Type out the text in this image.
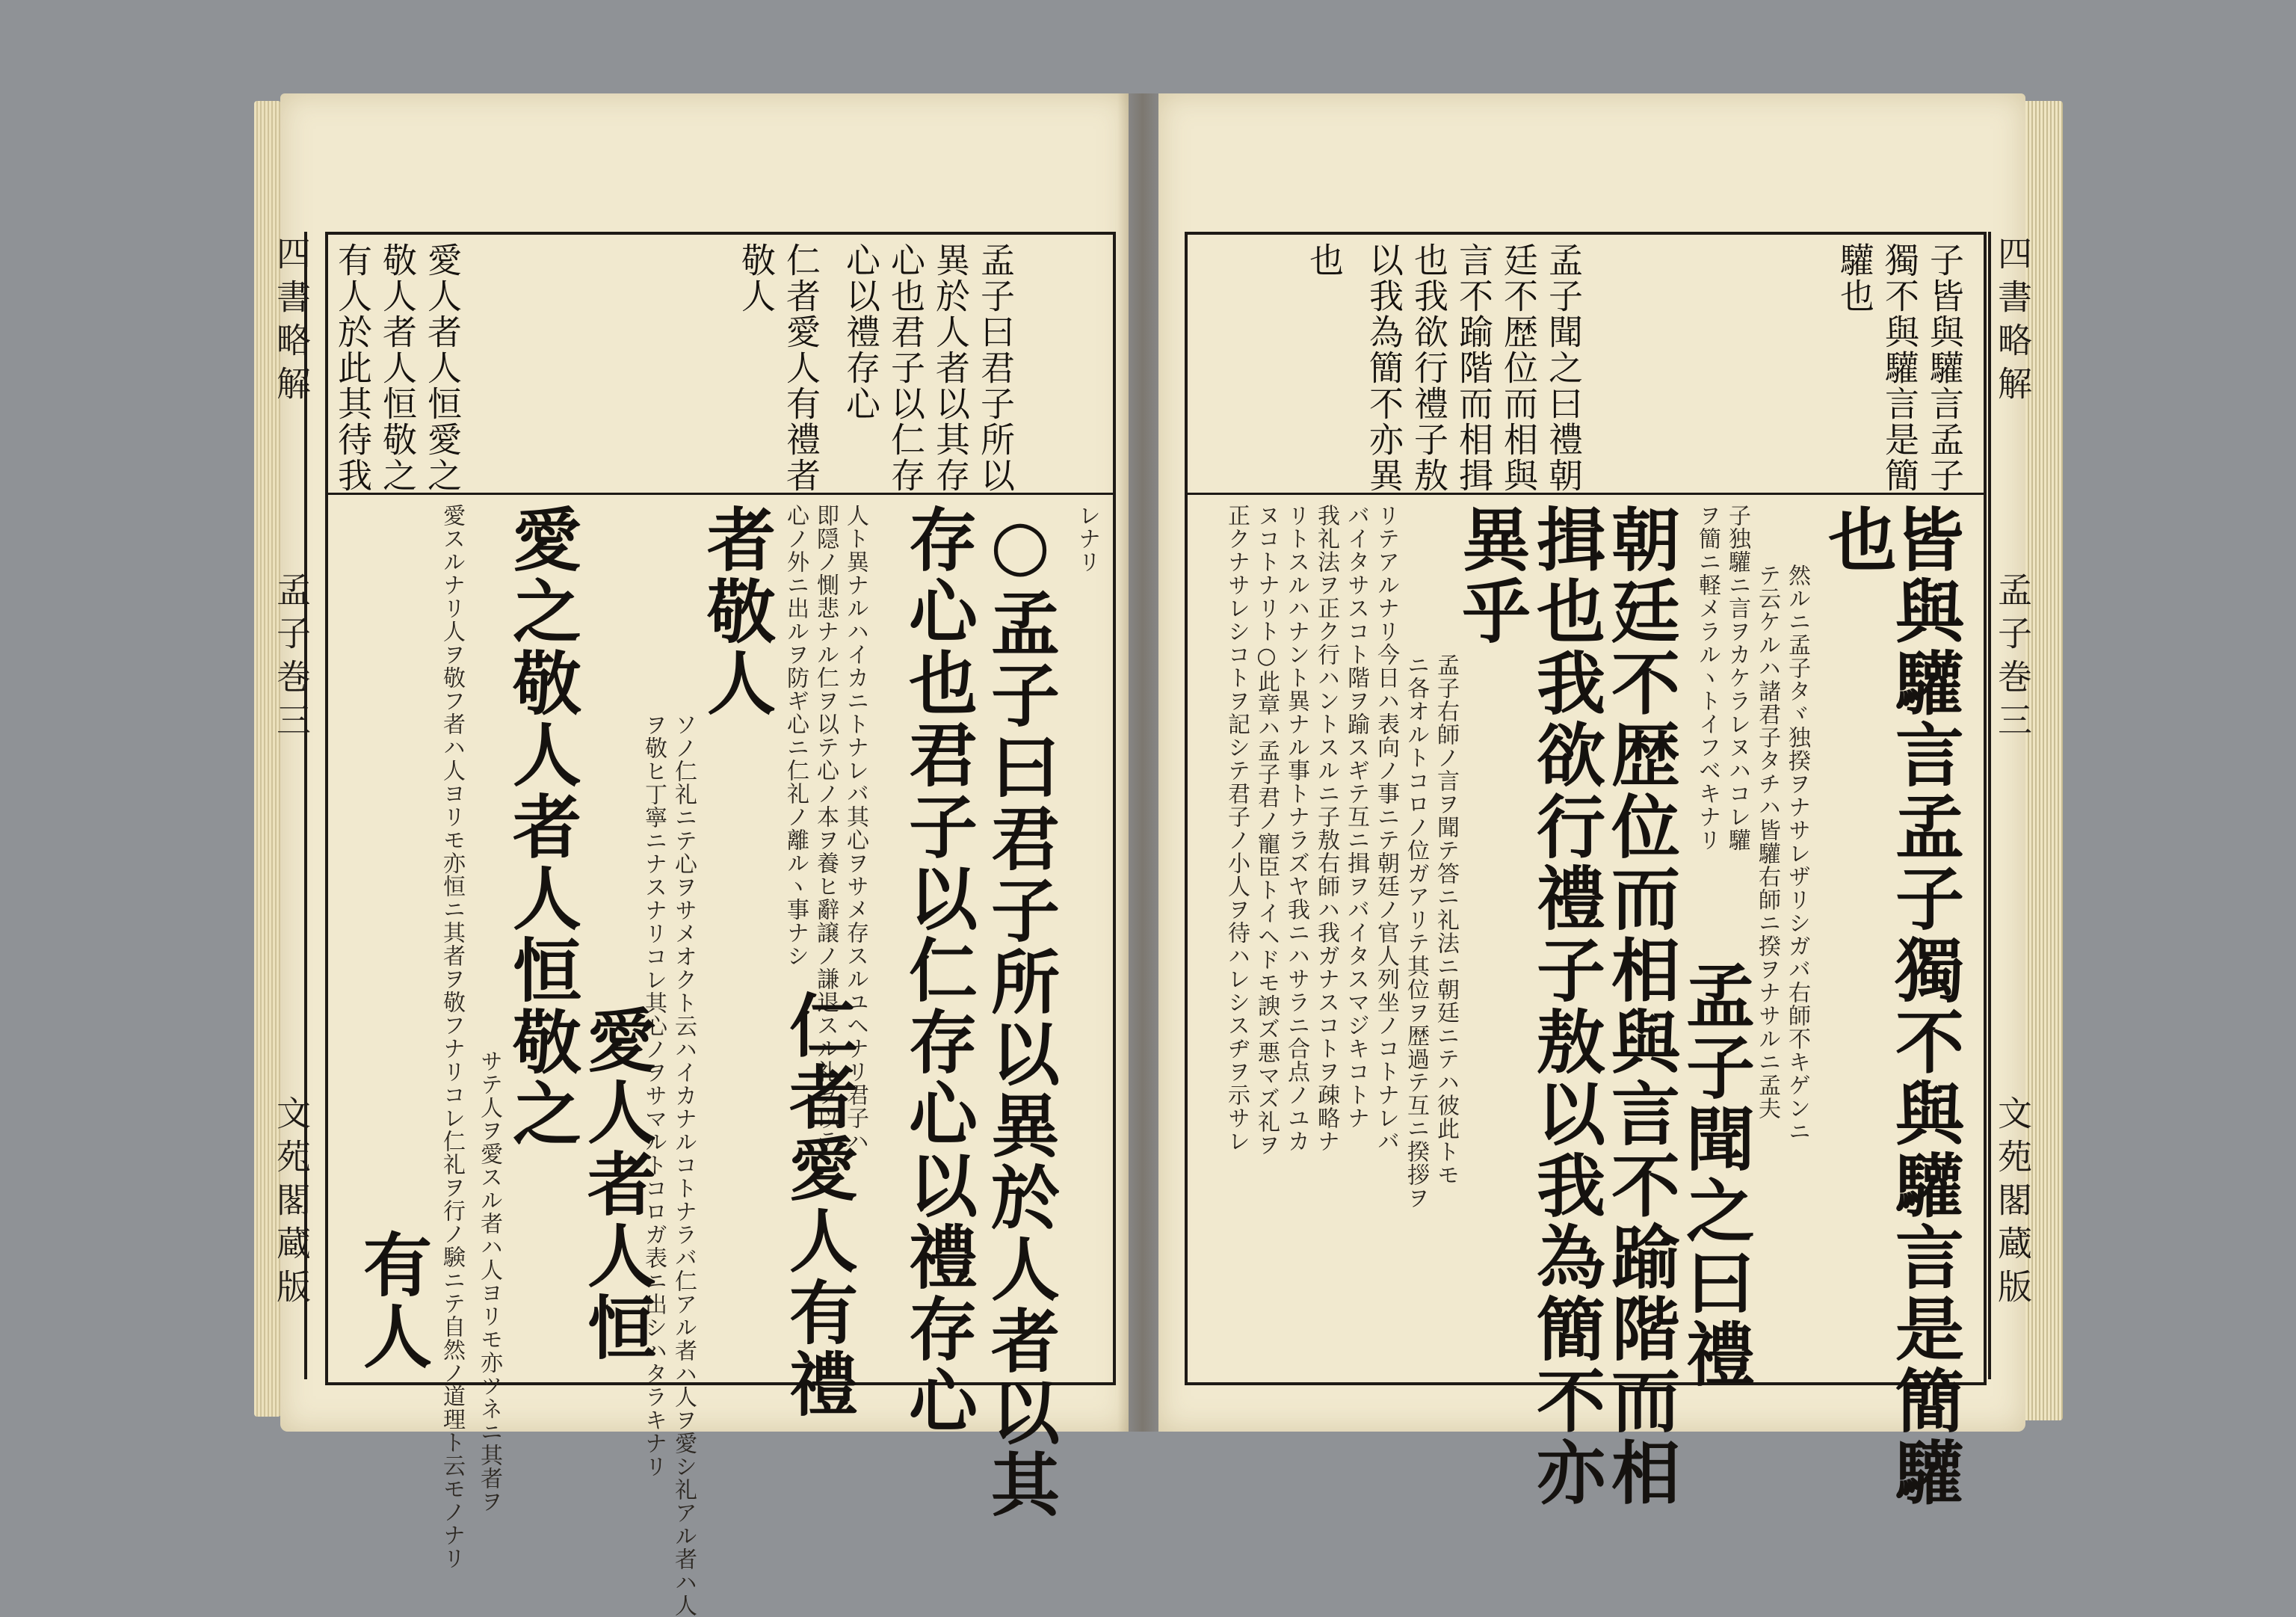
四書略解
孟子巻三
文苑閣蔵版
孟子曰君子所以
異於人者以其存
心也君子以仁存
心以禮存心
仁者愛人有禮者
敬人
愛人者人恒愛之
敬人者人恒敬之
有人於此其待我
レナリ
○孟子曰君子所以異於人者以其
存心也君子以仁存心以禮存心
人ト異ナルハイカニトナレバ其心ヲサメ存スルユヘナリ君子ハ
即隠ノ惻悲ナル仁ヲ以テ心ノ本ヲ養ヒ辭譲ノ謙退スル礼ヲ以テ
心ノ外ニ出ルヲ防ギ心ニ仁礼ノ離ルヽ事ナシ
仁者愛人有禮
者敬人
ソノ仁礼ニテ心ヲサメオクト云ハイカナルコトナラバ仁アル者ハ人ヲ愛シ礼アル者ハ人
ヲ敬ヒ丁寧ニナスナリコレ其心ノヲサマルトコロガ表ニ出シハタラキナリ
愛人者人恒
愛之敬人者人恒敬之
サテ人ヲ愛スル者ハ人ヨリモ亦ツネニ其者ヲ
愛スルナリ人ヲ敬フ者ハ人ヨリモ亦恒ニ其者ヲ敬フナリコレ仁礼ヲ行ノ験ニテ自然ノ道理ト云モノナリ
有人
四書略解
孟子巻三
文苑閣蔵版
子皆與驩言孟子
獨不與驩言是簡
驩也
孟子聞之曰禮朝
廷不歴位而相與
言不踰階而相揖
也我欲行禮子敖
以我為簡不亦異
也
皆與驩言孟子獨不與驩言是簡驩
也
然ルニ孟子タヾ独揆ヲナサレザリシガバ右師不キゲンニ
テ云ケルハ諸君子タチハ皆驩右師ニ揆ヲナサルニ孟夫
子独驩ニ言ヲカケラレヌハコレ驩
ヲ簡ニ軽メラルヽトイフベキナリ
孟子聞之曰禮
朝廷不歴位而相與言不踰階而相
揖也我欲行禮子敖以我為簡不亦
異乎
孟子右師ノ言ヲ聞テ答ニ礼法ニ朝廷ニテハ彼此トモ
ニ各オルトコロノ位ガアリテ其位ヲ歴過テ互ニ揆拶ヲ
リテアルナリ今日ハ表向ノ事ニテ朝廷ノ官人列坐ノコトナレバ
バイタサスコト階ヲ踰スギテ互ニ揖ヲバイタスマジキコトナ
我礼法ヲ正ク行ハントスルニ子敖右師ハ我ガナスコトヲ疎略ナ
リトスルハナント異ナル事トナラズヤ我ニハサラニ合点ノユカ
ヌコトナリト○此章ハ孟子君ノ寵臣トイヘドモ諛ズ悪マズ礼ヲ
正クナサレシコトヲ記シテ君子ノ小人ヲ待ハレシスヂヲ示サレ
